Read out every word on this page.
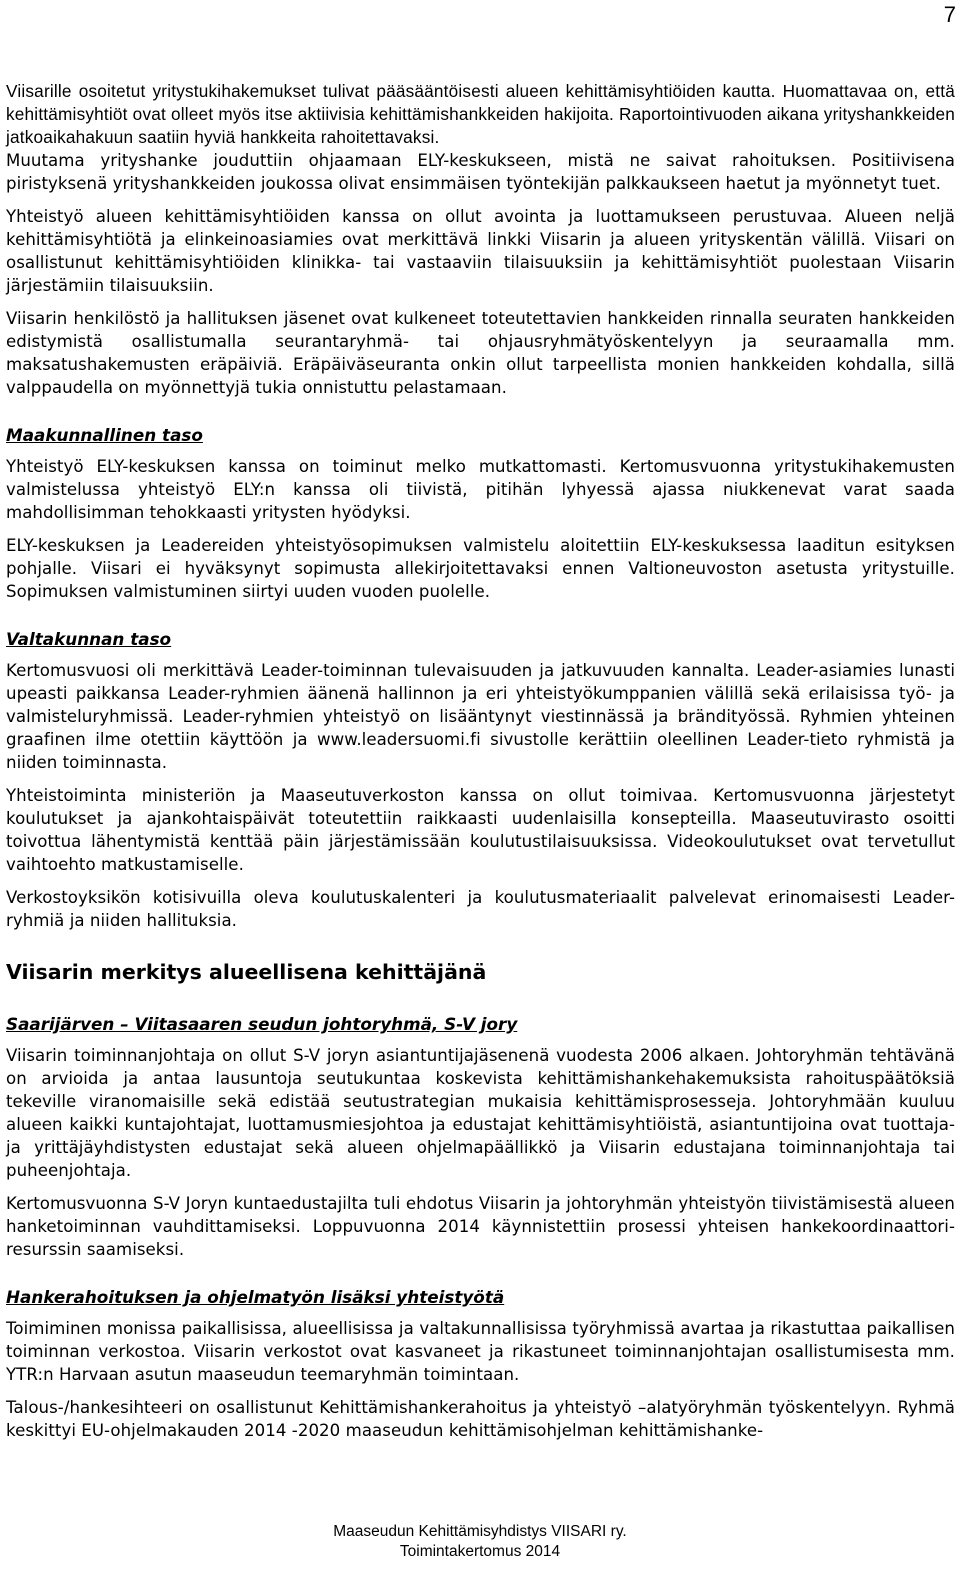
7

Viisarille osoitetut yritystukihakemukset tulivat pääsääntöisesti alueen kehittämisyhtiöiden kautta. Huomattavaa on, että kehittämisyhtiöt ovat olleet myös itse aktiivisia kehittämishankkeiden hakijoita. Raportointivuoden aikana yrityshankkeiden jatkoaikahakuun saatiin hyviä hankkeita rahoitettavaksi.

Muutama yrityshanke jouduttiin ohjaamaan ELY-keskukseen, mistä ne saivat rahoituksen. Positiivisena piristyksenä yrityshankkeiden joukossa olivat ensimmäisen työntekijän palkkaukseen haetut ja myönnetyt tuet.

Yhteistyö alueen kehittämisyhtiöiden kanssa on ollut avointa ja luottamukseen perustuvaa. Alueen neljä kehittämisyhtiötä ja elinkeinoasiamies ovat merkittävä linkki Viisarin ja alueen yrityskentän välillä. Viisari on osallistunut kehittämisyhtiöiden klinikka- tai vastaaviin tilaisuuksiin ja kehittämisyhtiöt puolestaan Viisarin järjestämiin tilaisuuksiin.

Viisarin henkilöstö ja hallituksen jäsenet ovat kulkeneet toteutettavien hankkeiden rinnalla seuraten hankkeiden edistymistä osallistumalla seurantaryhmä- tai ohjausryhmätyöskentelyyn ja seuraamalla mm. maksatushakemusten eräpäiviä. Eräpäiväseuranta onkin ollut tarpeellista monien hankkeiden kohdalla, sillä valppaudella on myönnettyjä tukia onnistuttu pelastamaan.

Maakunnallinen taso

Yhteistyö ELY-keskuksen kanssa on toiminut melko mutkattomasti. Kertomusvuonna yritystukihakemusten valmistelussa yhteistyö ELY:n kanssa oli tiivistä, pitihän lyhyessä ajassa niukkenevat varat saada mahdollisimman tehokkaasti yritysten hyödyksi.

ELY-keskuksen ja Leadereiden yhteistyösopimuksen valmistelu aloitettiin ELY-keskuksessa laaditun esityksen pohjalle. Viisari ei hyväksynyt sopimusta allekirjoitettavaksi ennen Valtioneuvoston asetusta yritystuille. Sopimuksen valmistuminen siirtyi uuden vuoden puolelle.

Valtakunnan taso

Kertomusvuosi oli merkittävä Leader-toiminnan tulevaisuuden ja jatkuvuuden kannalta. Leader-asiamies lunasti upeasti paikkansa Leader-ryhmien äänenä hallinnon ja eri yhteistyökumppanien välillä sekä erilaisissa työ- ja valmisteluryhmissä. Leader-ryhmien yhteistyö on lisääntynyt viestinnässä ja brändityössä. Ryhmien yhteinen graafinen ilme otettiin käyttöön ja www.leadersuomi.fi sivustolle kerättiin oleellinen Leader-tieto ryhmistä ja niiden toiminnasta.

Yhteistoiminta ministeriön ja Maaseutuverkoston kanssa on ollut toimivaa. Kertomusvuonna järjestetyt koulutukset ja ajankohtaispäivät toteutettiin raikkaasti uudenlaisilla konsepteilla. Maaseutuvirasto osoitti toivottua lähentymistä kenttää päin järjestämissään koulutustilaisuuksissa. Videokoulutukset ovat tervetullut vaihtoehto matkustamiselle.

Verkostoyksikön kotisivuilla oleva koulutuskalenteri ja koulutusmateriaalit palvelevat erinomaisesti Leader-ryhmiä ja niiden hallituksia.

Viisarin merkitys alueellisena kehittäjänä
Saarijärven – Viitasaaren seudun johtoryhmä, S-V jory

Viisarin toiminnanjohtaja on ollut S-V joryn asiantuntijajäsenenä vuodesta 2006 alkaen. Johtoryhmän tehtävänä on arvioida ja antaa lausuntoja seutukuntaa koskevista kehittämishankehakemuksista rahoituspäätöksiä tekeville viranomaisille sekä edistää seutustrategian mukaisia kehittämisprosesseja. Johtoryhmään kuuluu alueen kaikki kuntajohtajat, luottamusmiesjohtoa ja edustajat kehittämisyhtiöistä, asiantuntijoina ovat tuottaja- ja yrittäjäyhdistysten edustajat sekä alueen ohjelmapäällikkö ja Viisarin edustajana toiminnanjohtaja tai puheenjohtaja.

Kertomusvuonna S-V Joryn kuntaedustajilta tuli ehdotus Viisarin ja johtoryhmän yhteistyön tiivistämisestä alueen hanketoiminnan vauhdittamiseksi. Loppuvuonna 2014 käynnistettiin prosessi yhteisen hankekoordinaattori-resurssin saamiseksi.

Hankerahoituksen ja ohjelmatyön lisäksi yhteistyötä

Toimiminen monissa paikallisissa, alueellisissa ja valtakunnallisissa työryhmissä avartaa ja rikastuttaa paikallisen toiminnan verkostoa. Viisarin verkostot ovat kasvaneet ja rikastuneet toiminnanjohtajan osallistumisesta mm. YTR:n Harvaan asutun maaseudun teemaryhmän toimintaan.

Talous-/hankesihteeri on osallistunut Kehittämishankerahoitus ja yhteistyö –alatyöryhmän työskentelyyn. Ryhmä keskittyi EU-ohjelmakauden 2014 -2020 maaseudun kehittämisohjelman kehittämishanke-

Maaseudun Kehittämisyhdistys VIISARI ry.
Toimintakertomus 2014
